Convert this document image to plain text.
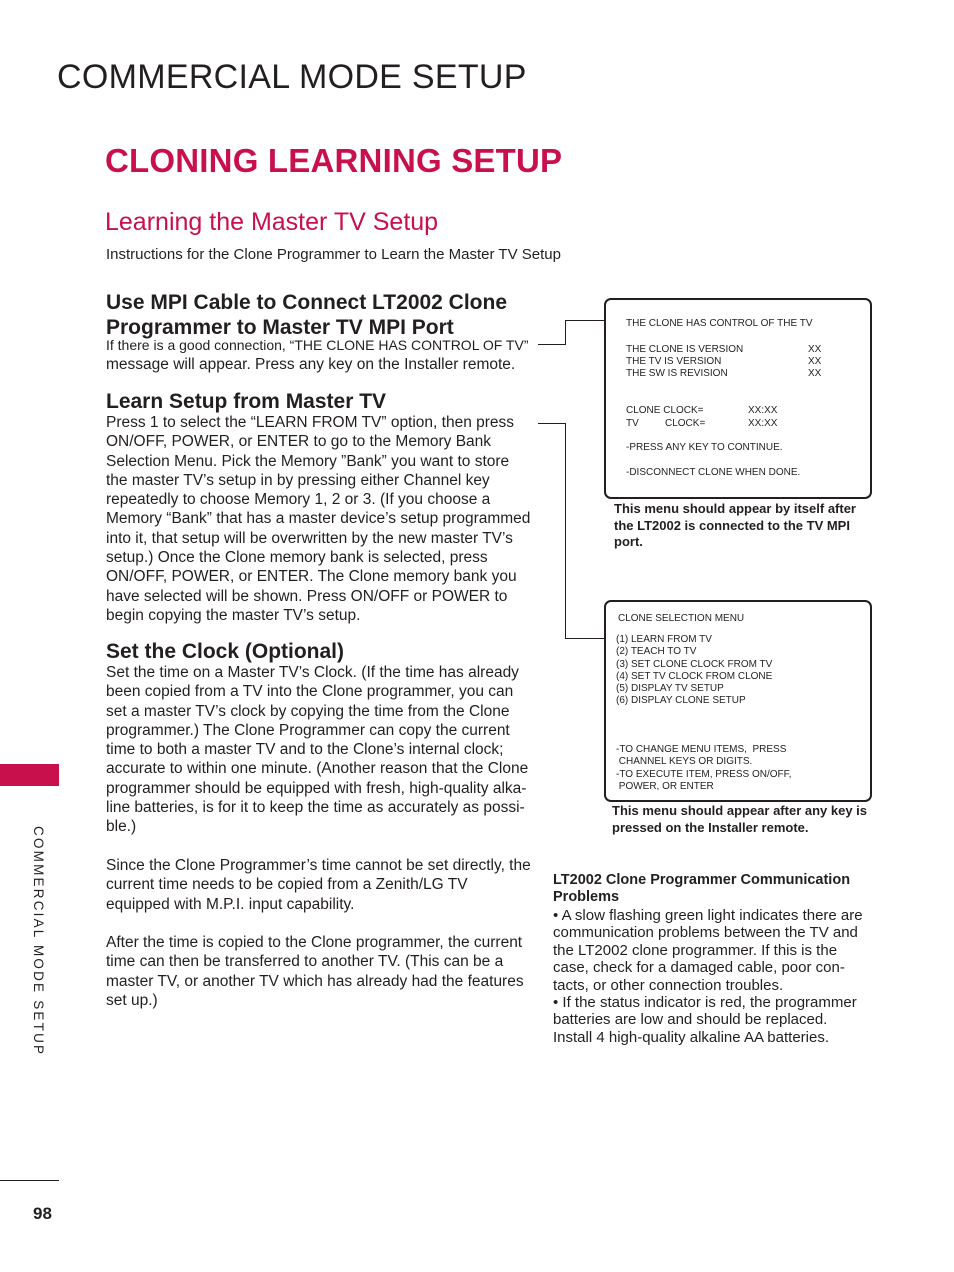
COMMERCIAL MODE SETUP
CLONING LEARNING SETUP
Learning the Master TV Setup
Instructions for the Clone Programmer to Learn the Master TV Setup
Use MPI Cable to Connect LT2002 Clone
Programmer to Master TV MPI Port
If there is a good connection, “THE CLONE HAS CONTROL OF TV”
message will appear. Press any key on the Installer remote.
Learn Setup from Master TV
Press 1 to select the “LEARN FROM TV” option, then press
ON/OFF, POWER, or ENTER to go to the Memory Bank
Selection Menu. Pick the Memory ”Bank” you want to store
the master TV’s setup in by pressing either Channel key
repeatedly to choose Memory 1, 2 or 3. (If you choose a
Memory “Bank” that has a master device’s setup programmed
into it, that setup will be overwritten by the new master TV’s
setup.) Once the Clone memory bank is selected, press
ON/OFF, POWER, or ENTER. The Clone memory bank you
have selected will be shown. Press ON/OFF or POWER to
begin copying the master TV’s setup.
Set the Clock (Optional)
Set the time on a Master TV’s Clock. (If the time has already
been copied from a TV into the Clone programmer, you can
set a master TV’s clock by copying the time from the Clone
programmer.) The Clone Programmer can copy the current
time to both a master TV and to the Clone’s internal clock;
accurate to within one minute. (Another reason that the Clone
programmer should be equipped with fresh, high-quality alka-
line batteries, is for it to keep the time as accurately as possi-
ble.)
Since the Clone Programmer’s time cannot be set directly, the
current time needs to be copied from a Zenith/LG TV
equipped with M.P.I. input capability.
After the time is copied to the Clone programmer, the current
time can then be transferred to another TV. (This can be a
master TV, or another TV which has already had the features
set up.)
THE CLONE HAS CONTROL OF THE TV
THE CLONE IS VERSION	XX
THE TV IS VERSION	XX
THE SW IS REVISION	XX
CLONE CLOCK=	XX:XX
TV	CLOCK=	XX:XX
-PRESS ANY KEY TO CONTINUE.
-DISCONNECT CLONE WHEN DONE.
This menu should appear by itself after
the LT2002 is connected to the TV MPI
port.
CLONE SELECTION MENU
(1) LEARN FROM TV
(2) TEACH TO TV
(3) SET CLONE CLOCK FROM TV
(4) SET TV CLOCK FROM CLONE
(5) DISPLAY TV SETUP
(6) DISPLAY CLONE SETUP
-TO CHANGE MENU ITEMS,  PRESS
CHANNEL KEYS OR DIGITS.
-TO EXECUTE ITEM, PRESS ON/OFF,
POWER, OR ENTER
This menu should appear after any key is
pressed on the Installer remote.
LT2002 Clone Programmer Communication
Problems
• A slow flashing green light indicates there are
communication problems between the TV and
the LT2002 clone programmer. If this is the
case, check for a damaged cable, poor con-
tacts, or other connection troubles.
• If the status indicator is red, the programmer
batteries are low and should be replaced.
Install 4 high-quality alkaline AA batteries.
COMMERCIAL MODE SETUP
98
